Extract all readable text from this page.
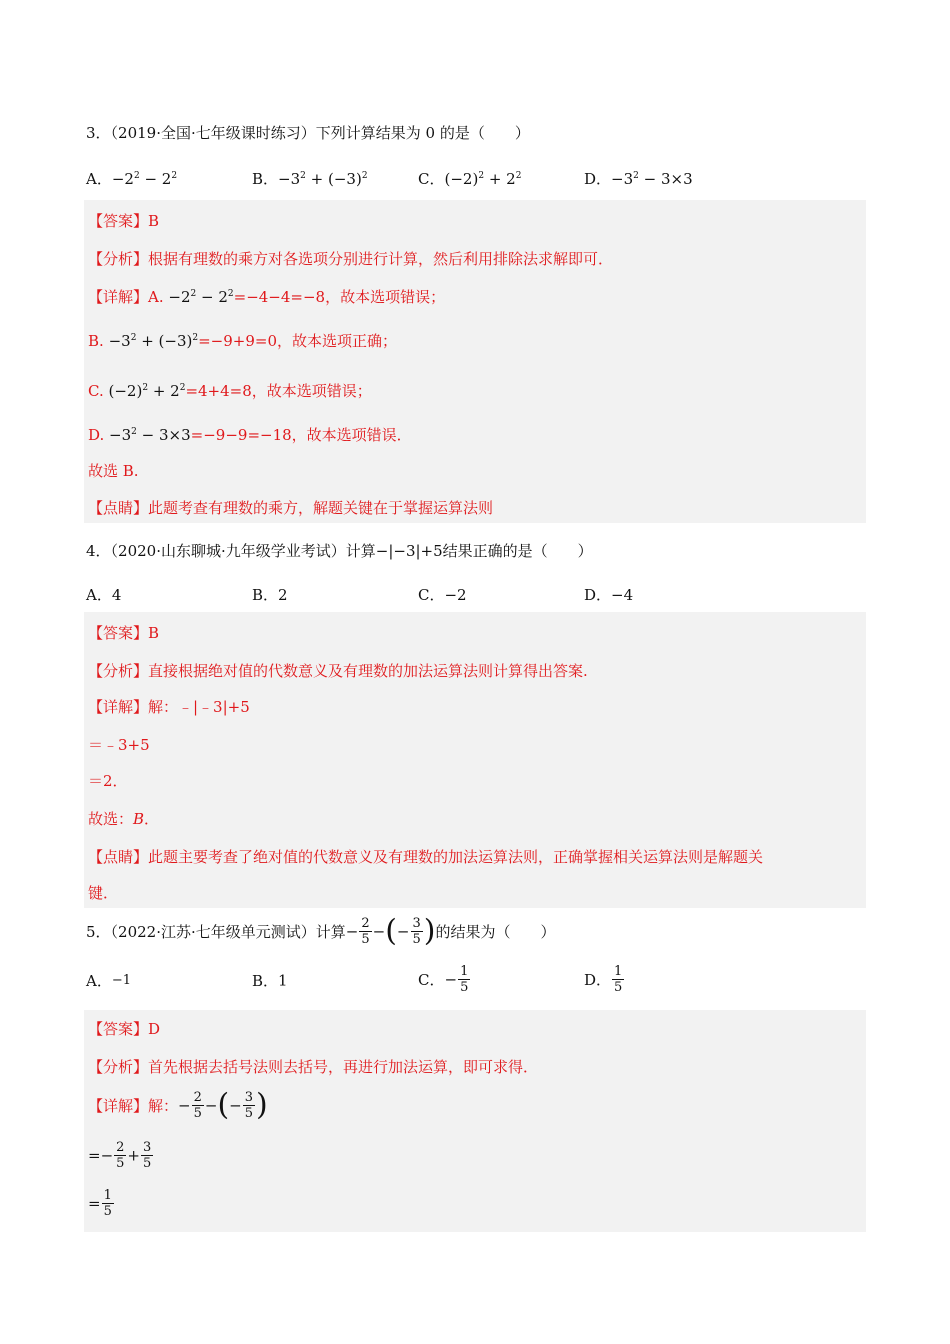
3．（2019·全国·七年级课时练习）下列计算结果为 0 的是（　　）
A．$-2^2 - 2^2$	B．$-3^2 + (-3)^2$	C．$(-2)^2 + 2^2$	D．$-3^2 - 3\times 3$
【答案】B
【分析】根据有理数的乘方对各选项分别进行计算，然后利用排除法求解即可．
【详解】A. $-2^2 - 2^2=-4-4=-8$，故本选项错误；
B. $-3^2 + (-3)^2=-9+9=0$，故本选项正确；
C. $(-2)^2 + 2^2=4+4=8$，故本选项错误；
D. $-3^2 - 3\times 3=-9-9=-18$，故本选项错误．
故选 B.
【点睛】此题考查有理数的乘方，解题关键在于掌握运算法则
4．（2020·山东聊城·九年级学业考试）计算−|−3|+5结果正确的是（　　）
A．4	B．2	C．−2	D．−4
【答案】B
【分析】直接根据绝对值的代数意义及有理数的加法运算法则计算得出答案.
【详解】解：﹣|﹣3|+5
＝﹣3+5
＝2．
故选：B．
【点睛】此题主要考查了绝对值的代数意义及有理数的加法运算法则，正确掌握相关运算法则是解题关
键．
5．（2022·江苏·七年级单元测试）计算− $\frac{2}{5}$ −(− $\frac{3}{5}$ )的结果为（　　）
A．−1	B．1	C．− $\frac{1}{5}$	D． $\frac{1}{5}$
【答案】D
【分析】首先根据去括号法则去括号，再进行加法运算，即可求得．
【详解】解：− $\frac{2}{5}$ −(− $\frac{3}{5}$ )
=− $\frac{2}{5} + \frac{3}{5}$
= $\frac{1}{5}$
